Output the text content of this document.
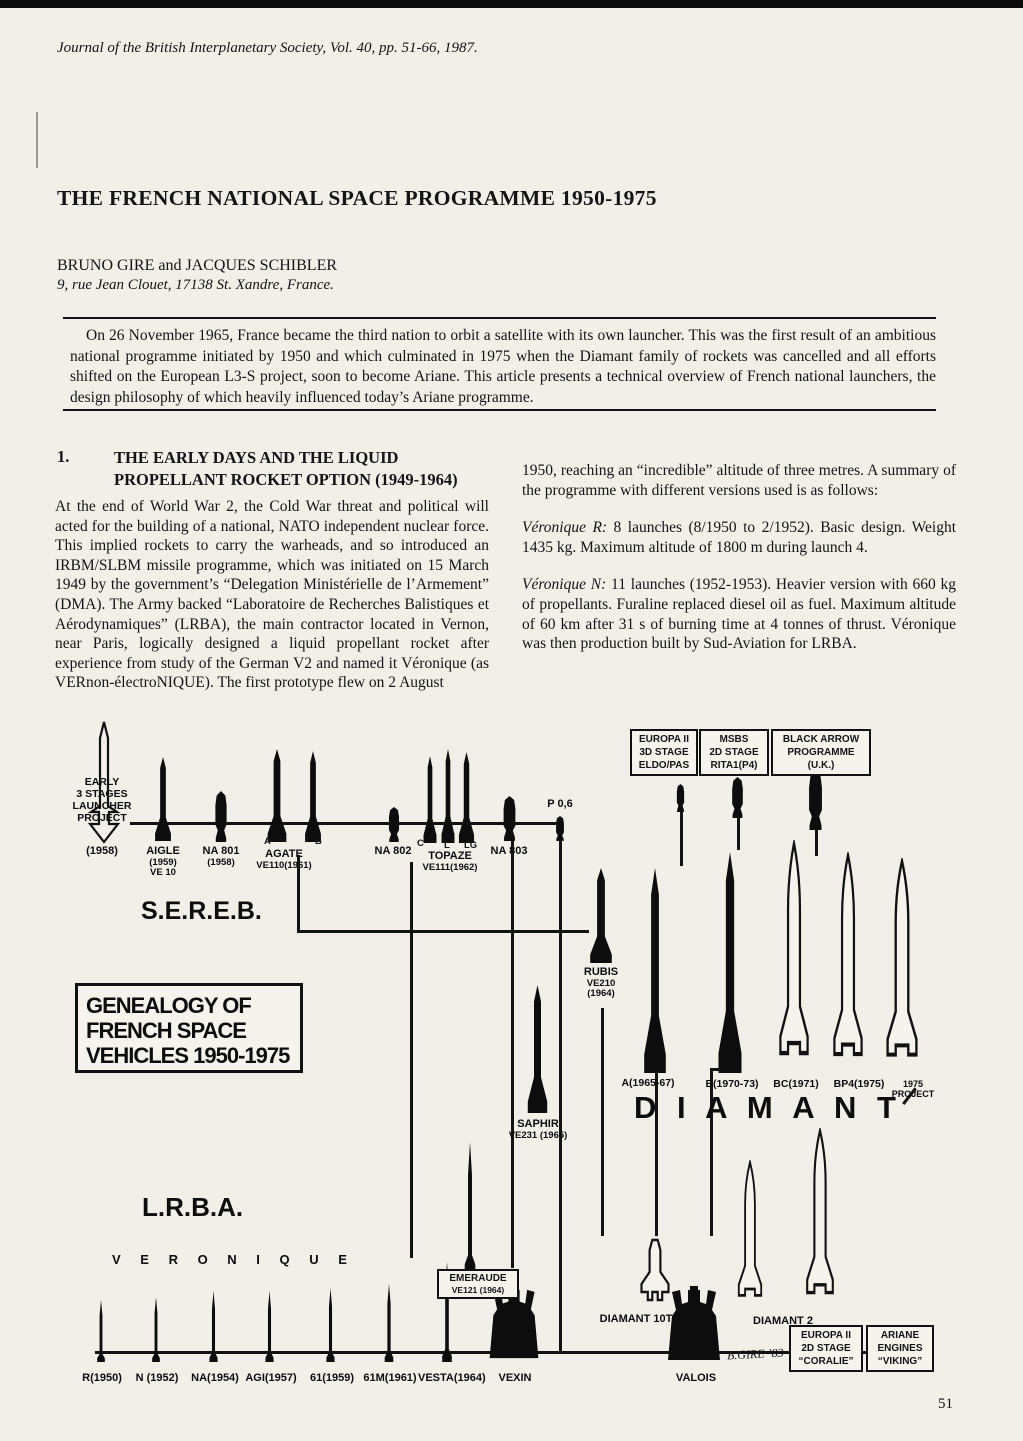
Journal of the British Interplanetary Society, Vol. 40, pp. 51-66, 1987.
THE FRENCH NATIONAL SPACE PROGRAMME 1950-1975
BRUNO GIRE and JACQUES SCHIBLER
9, rue Jean Clouet, 17138 St. Xandre, France.
On 26 November 1965, France became the third nation to orbit a satellite with its own launcher. This was the first result of an ambitious national programme initiated by 1950 and which culminated in 1975 when the Diamant family of rockets was cancelled and all efforts shifted on the European L3-S project, soon to become Ariane. This article presents a technical overview of French national launchers, the design philosophy of which heavily influenced today’s Ariane programme.
1.	THE EARLY DAYS AND THE LIQUID
PROPELLANT ROCKET OPTION (1949-1964)
At the end of World War 2, the Cold War threat and political will acted for the building of a national, NATO independent nuclear force. This implied rockets to carry the warheads, and so introduced an IRBM/SLBM missile programme, which was initiated on 15 March 1949 by the government’s “Delegation Ministérielle de l’Armement” (DMA). The Army backed “Laboratoire de Recherches Balistiques et Aérodynamiques” (LRBA), the main contractor located in Vernon, near Paris, logically designed a liquid propellant rocket after experience from study of the German V2 and named it Véronique (as VERnon-électroNIQUE). The first prototype flew on 2 August

1950, reaching an “incredible” altitude of three metres. A summary of the programme with different versions used is as follows:

Véronique R: 8 launches (8/1950 to 2/1952). Basic design. Weight 1435 kg. Maximum altitude of 1800 m during launch 4.

Véronique N: 11 launches (1952-1953). Heavier version with 660 kg of propellants. Furaline replaced diesel oil as fuel. Maximum altitude of 60 km after 31 s of burning time at 4 tonnes of thrust. Véronique was then production built by Sud-Aviation for LRBA.

EUROPA II
3D STAGE
ELDO/PAS
MSBS
2D STAGE
RITA1(P4)
BLACK ARROW
PROGRAMME
(U.K.)
EUROPA II
2D STAGE
“CORALIE”
ARIANE
ENGINES
“VIKING”
GENEALOGY OF
FRENCH SPACE
VEHICLES 1950-1975
S.E.R.E.B.
L.R.B.A.
V E R O N I Q U E
D I A M A N T
EARLY
3 STAGES
LAUNCHER
PROJECT
(1958)	AIGLE
(1959)
VE 10
NA 801
(1958)
A	B
AGATE
VE110(1961)
NA 802
C L LG
TOPAZE
VE111(1962)
NA 803
P 0,6
RUBIS
VE210
(1964)
SAPHIR
VE231 (1965)
EMERAUDE
VE121 (1964)
A(1965-67)	B(1970-73) BC(1971) BP4(1975)	1975 PROJECT
R(1950)	N (1952)	NA(1954) AGI(1957)	61(1959) 61M(1961) VESTA(1964)	VEXIN	VALOIS
DIAMANT 10T	DIAMANT 2
B.GIRE ’83
51
